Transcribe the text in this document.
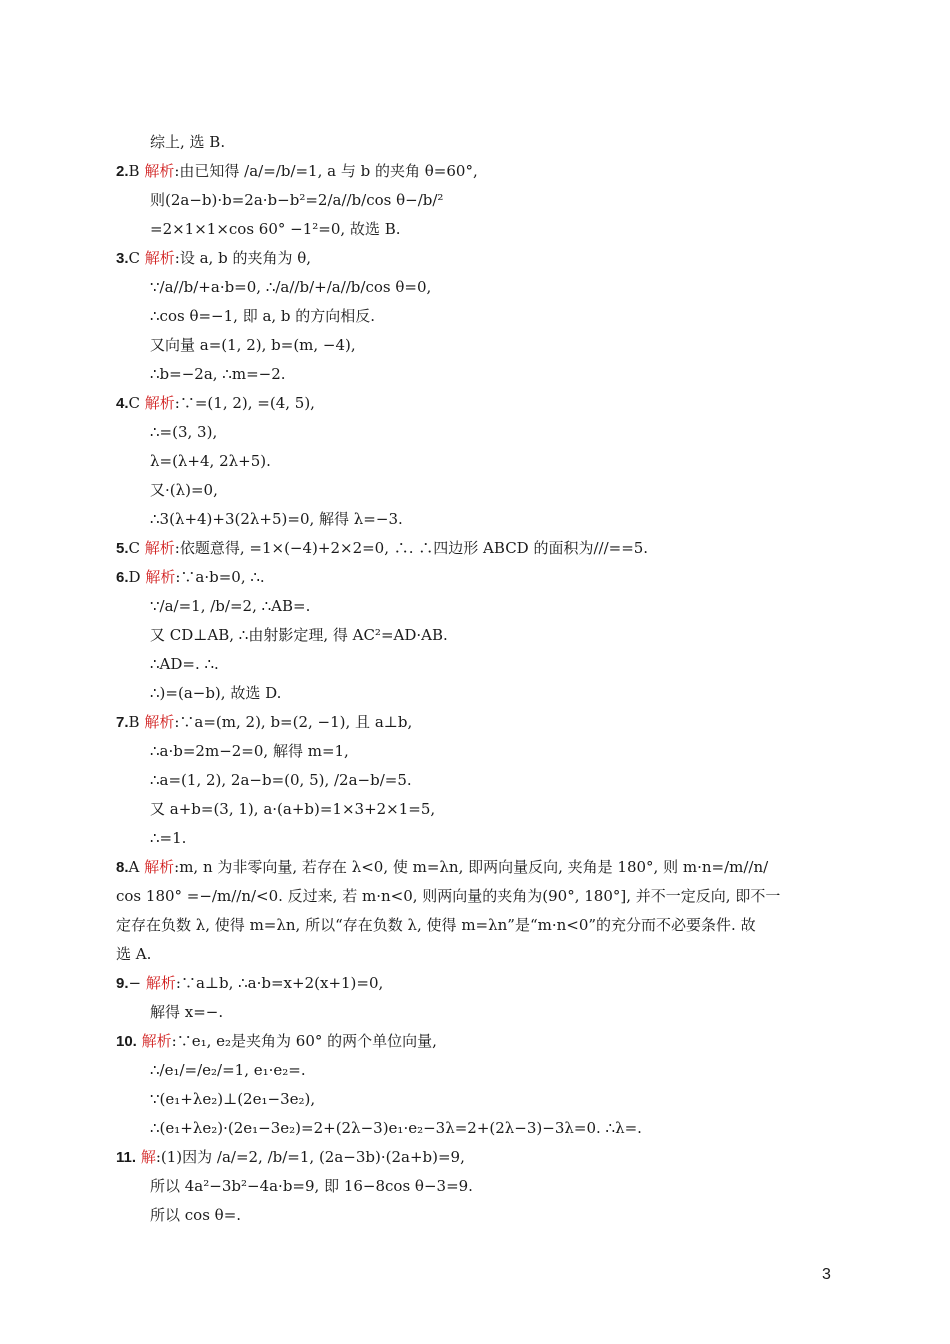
综上, 选 B.
2.B 解析:由已知得 /a/=/b/=1, a 与 b 的夹角 θ=60°,
则(2a−b)·b=2a·b−b²=2/a//b/cos θ−/b/²
=2×1×1×cos 60° −1²=0, 故选 B.
3.C 解析:设 a, b 的夹角为 θ,
∵/a//b/+a·b=0, ∴/a//b/+/a//b/cos θ=0,
∴cos θ=−1, 即 a, b 的方向相反.
又向量 a=(1, 2), b=(m, −4),
∴b=−2a, ∴m=−2.
4.C 解析:∵=(1, 2), =(4, 5),
∴=(3, 3),
λ=(λ+4, 2λ+5).
又·(λ)=0,
∴3(λ+4)+3(2λ+5)=0, 解得 λ=−3.
5.C 解析:依题意得, =1×(−4)+2×2=0, ∴. ∴四边形 ABCD 的面积为///==5.
6.D 解析:∵a·b=0, ∴.
∵/a/=1, /b/=2, ∴AB=.
又 CD⊥AB, ∴由射影定理, 得 AC²=AD·AB.
∴AD=. ∴.
∴)=(a−b), 故选 D.
7.B 解析:∵a=(m, 2), b=(2, −1), 且 a⊥b,
∴a·b=2m−2=0, 解得 m=1,
∴a=(1, 2), 2a−b=(0, 5), /2a−b/=5.
又 a+b=(3, 1), a·(a+b)=1×3+2×1=5,
∴=1.
8.A 解析:m, n 为非零向量, 若存在 λ<0, 使 m=λn, 即两向量反向, 夹角是 180°, 则 m·n=/m//n/
cos 180° =−/m//n/<0. 反过来, 若 m·n<0, 则两向量的夹角为(90°, 180°], 并不一定反向, 即不一
定存在负数 λ, 使得 m=λn, 所以“存在负数 λ, 使得 m=λn”是“m·n<0”的充分而不必要条件. 故
选 A.
9.− 解析:∵a⊥b, ∴a·b=x+2(x+1)=0,
解得 x=−.
10. 解析:∵e₁, e₂是夹角为 60° 的两个单位向量,
∴/e₁/=/e₂/=1, e₁·e₂=.
∵(e₁+λe₂)⊥(2e₁−3e₂),
∴(e₁+λe₂)·(2e₁−3e₂)=2+(2λ−3)e₁·e₂−3λ=2+(2λ−3)−3λ=0. ∴λ=.
11. 解:(1)因为 /a/=2, /b/=1, (2a−3b)·(2a+b)=9,
所以 4a²−3b²−4a·b=9, 即 16−8cos θ−3=9.
所以 cos θ=.
3
